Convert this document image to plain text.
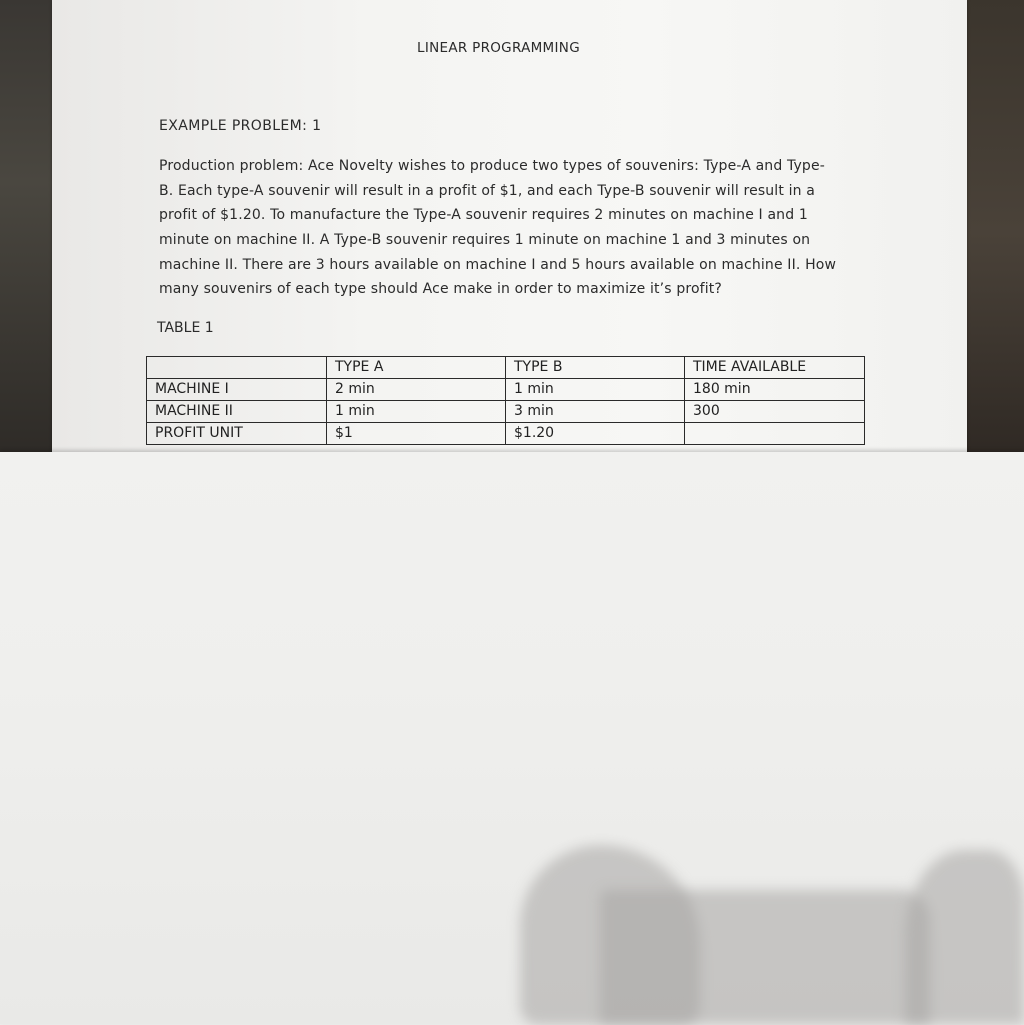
LINEAR PROGRAMMING
EXAMPLE PROBLEM: 1
Production problem: Ace Novelty wishes to produce two types of souvenirs: Type-A and Type-
B. Each type-A souvenir will result in a profit of $1, and each Type-B souvenir will result in a
profit of $1.20. To manufacture the Type-A souvenir requires 2 minutes on machine I and 1
minute on machine II. A Type-B souvenir requires 1 minute on machine 1 and 3 minutes on
machine II. There are 3 hours available on machine I and 5 hours available on machine II. How
many souvenirs of each type should Ace make in order to maximize it’s profit?
TABLE 1
	TYPE A	TYPE B	TIME AVAILABLE
MACHINE I	2 min	1 min	180 min
MACHINE II	1 min	3 min	300
PROFIT UNIT	$1	$1.20	
